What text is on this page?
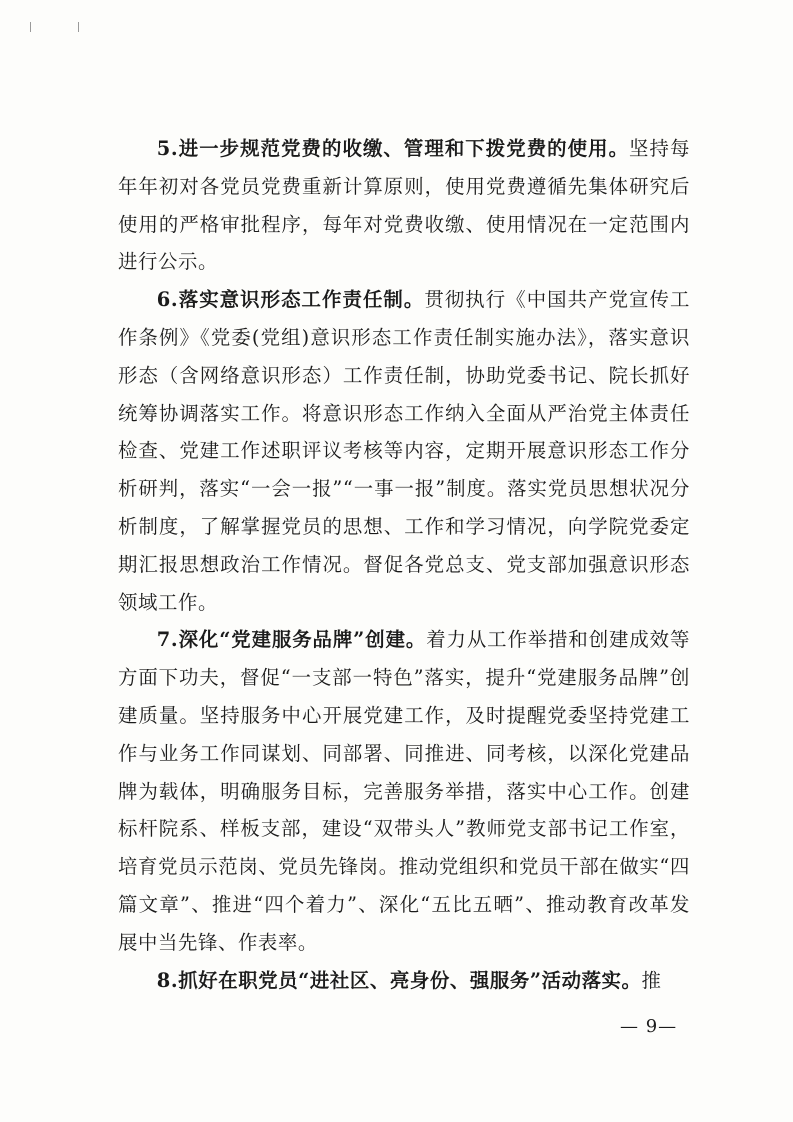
5.进一步规范党费的收缴、管理和下拨党费的使用。坚持每年年初对各党员党费重新计算原则，使用党费遵循先集体研究后使用的严格审批程序，每年对党费收缴、使用情况在一定范围内进行公示。

6.落实意识形态工作责任制。贯彻执行《中国共产党宣传工作条例》《党委(党组)意识形态工作责任制实施办法》，落实意识形态（含网络意识形态）工作责任制，协助党委书记、院长抓好统筹协调落实工作。将意识形态工作纳入全面从严治党主体责任检查、党建工作述职评议考核等内容，定期开展意识形态工作分析研判，落实“一会一报”“一事一报”制度。落实党员思想状况分析制度，了解掌握党员的思想、工作和学习情况，向学院党委定期汇报思想政治工作情况。督促各党总支、党支部加强意识形态领域工作。

7.深化“党建服务品牌”创建。着力从工作举措和创建成效等方面下功夫，督促“一支部一特色”落实，提升“党建服务品牌”创建质量。坚持服务中心开展党建工作，及时提醒党委坚持党建工作与业务工作同谋划、同部署、同推进、同考核，以深化党建品牌为载体，明确服务目标，完善服务举措，落实中心工作。创建标杆院系、样板支部，建设“双带头人”教师党支部书记工作室，培育党员示范岗、党员先锋岗。推动党组织和党员干部在做实“四篇文章”、推进“四个着力”、深化“五比五晒”、推动教育改革发展中当先锋、作表率。

8.抓好在职党员“进社区、亮身份、强服务”活动落实。推

— 9—
